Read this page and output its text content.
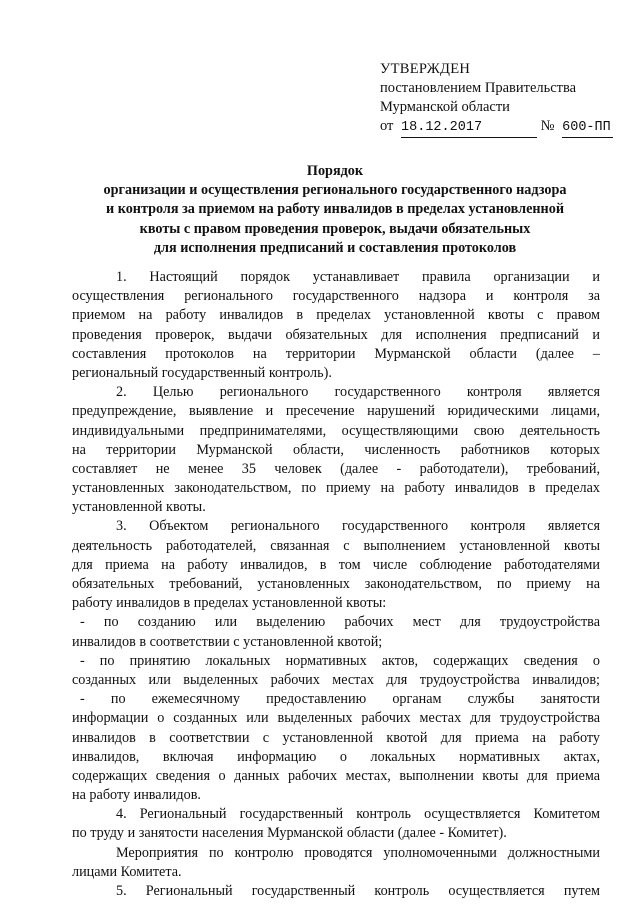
УТВЕРЖДЕН
постановлением Правительства
Мурманской области
от 18.12.2017	№ 600-ПП
Порядок
организации и осуществления регионального государственного надзора
и контроля за приемом на работу инвалидов в пределах установленной
квоты с правом проведения проверок, выдачи обязательных
для исполнения предписаний и составления протоколов
1. Настоящий порядок устанавливает правила организации и
осуществления регионального государственного надзора и контроля за
приемом на работу инвалидов в пределах установленной квоты с правом
проведения проверок, выдачи обязательных для исполнения предписаний и
составления протоколов на территории Мурманской области (далее –
региональный государственный контроль).
2. Целью регионального государственного контроля является
предупреждение, выявление и пресечение нарушений юридическими лицами,
индивидуальными предпринимателями, осуществляющими свою деятельность
на территории Мурманской области, численность работников которых
составляет не менее 35 человек (далее - работодатели), требований,
установленных законодательством, по приему на работу инвалидов в пределах
установленной квоты.
3. Объектом регионального государственного контроля является
деятельность работодателей, связанная с выполнением установленной квоты
для приема на работу инвалидов, в том числе соблюдение работодателями
обязательных требований, установленных законодательством, по приему на
работу инвалидов в пределах установленной квоты:
- по созданию или выделению рабочих мест для трудоустройства
инвалидов в соответствии с установленной квотой;
- по принятию локальных нормативных актов, содержащих сведения о
созданных или выделенных рабочих местах для трудоустройства инвалидов;
- по ежемесячному предоставлению органам службы занятости
информации о созданных или выделенных рабочих местах для трудоустройства
инвалидов в соответствии с установленной квотой для приема на работу
инвалидов, включая информацию о локальных нормативных актах,
содержащих сведения о данных рабочих местах, выполнении квоты для приема
на работу инвалидов.
4. Региональный государственный контроль осуществляется Комитетом
по труду и занятости населения Мурманской области (далее - Комитет).
Мероприятия по контролю проводятся уполномоченными должностными
лицами Комитета.
5. Региональный государственный контроль осуществляется путем
